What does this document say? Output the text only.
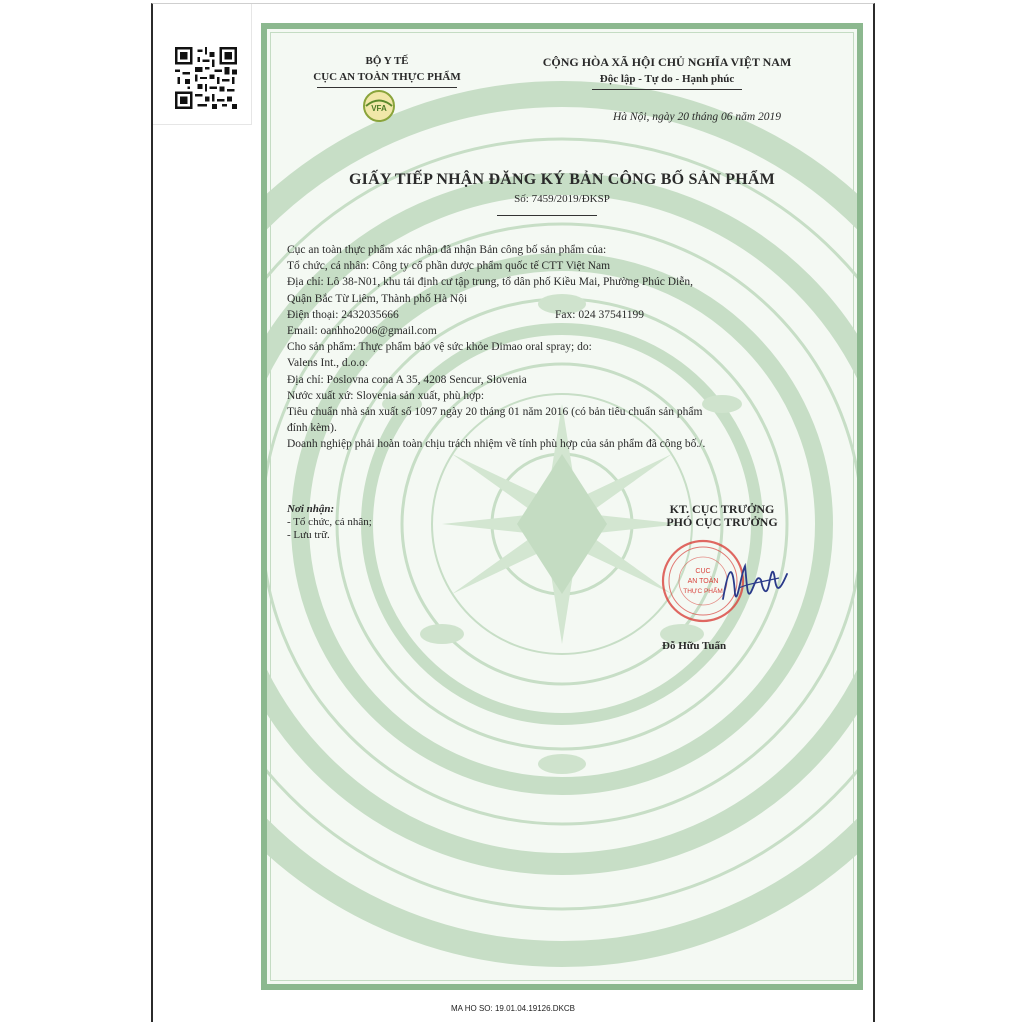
BỘ Y TẾ
CỤC AN TOÀN THỰC PHẨM
VFA
CỘNG HÒA XÃ HỘI CHỦ NGHĨA VIỆT NAM
Độc lập - Tự do - Hạnh phúc
Hà Nội, ngày 20 tháng 06 năm 2019
GIẤY TIẾP NHẬN ĐĂNG KÝ BẢN CÔNG BỐ SẢN PHẨM
Số: 7459/2019/ĐKSP
Cục an toàn thực phẩm xác nhận đã nhận Bản công bố sản phẩm của:
Tổ chức, cá nhân: Công ty cổ phần dược phẩm quốc tế CTT Việt Nam
Địa chỉ: Lô 38-N01, khu tái định cư tập trung, tổ dân phố Kiều Mai, Phường Phúc Diễn,
Quận Bắc Từ Liêm, Thành phố Hà Nội
Điện thoại: 2432035666	Fax: 024 37541199
Email: oanhho2006@gmail.com
Cho sản phẩm: Thực phẩm bảo vệ sức khỏe Dimao oral spray; do:
Valens Int., d.o.o.
Địa chỉ: Poslovna cona A 35, 4208 Sencur, Slovenia
Nước xuất xứ: Slovenia sản xuất, phù hợp:
Tiêu chuẩn nhà sản xuất số 1097 ngày 20 tháng 01 năm 2016 (có bản tiêu chuẩn sản phẩm
đính kèm).
Doanh nghiệp phải hoàn toàn chịu trách nhiệm về tính phù hợp của sản phẩm đã công bố./.
Nơi nhận:
- Tổ chức, cá nhân;
- Lưu trữ.
KT. CỤC TRƯỞNG
PHÓ CỤC TRƯỞNG
CỤC
AN TOÀN
THỰC PHẨM
Đỗ Hữu Tuấn
MA HO SO: 19.01.04.19126.DKCB
